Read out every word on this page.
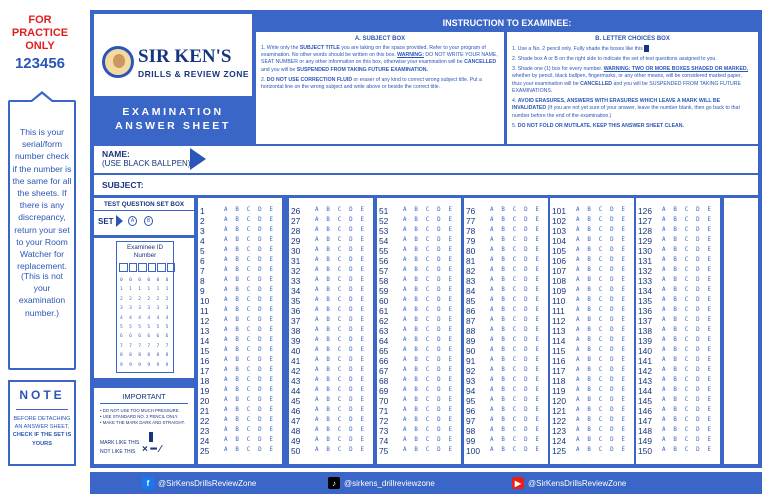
FOR PRACTICE
ONLY
123456
This is your serial/form number check if the number is the same for all the sheets. If there is any discrepancy, return your set to your Room Watcher for replacement.
(This is not your examination number.)
NOTE
BEFORE DETACHING AN ANSWER SHEET, CHECK IF THE SET IS YOURS
SIR KEN'S
DRILLS & REVIEW ZONE
EXAMINATION
ANSWER SHEET
INSTRUCTION TO EXAMINEE:
A. SUBJECT BOX

1. Write only the SUBJECT TITLE you are taking on the space provided. Refer to your program of examination. No other words should be written on this box. WARNING: DO NOT WRITE YOUR NAME, SEAT NUMBER or any other information on this box, otherwise your examination will be CANCELLED and you will be SUSPENDED FROM TAKING FUTURE EXAMINATION.

2. DO NOT USE CORRECTION FLUID or eraser of any kind to correct wrong subject title. Put a horizontal line on the wrong subject and write above or beside the correct title.

B. LETTER CHOICES BOX

1. Use a No. 2 pencil only. Fully shade the boxes like this

2. Shade box A or B on the right side to indicate the set of test questions assigned to you.

3. Shade one (1) box for every number. WARNING: TWO OR MORE BOXES SHADED OR MARKED, whether by pencil, black ballpen, fingermarks, or any other means, will be considered marked paper, thus your examination will be CANCELLED and you will be SUSPENDED FROM TAKING FUTURE EXAMINATIONS.

4. AVOID ERASURES, ANSWERS WITH ERASURES WHICH LEAVE A MARK WILL BE INVALIDATED (If you are not yet sure of your answer, leave the number blank, then go back to that number before the end of the examination.)

5. DO NOT FOLD OR MUTILATE. KEEP THIS ANSWER SHEET CLEAN.

NAME:
(USE BLACK BALLPEN)
SUBJECT:
TEST QUESTION SET BOX
SET	A	B
Examinee ID Number
0 0 0 0 0 0
1 1 1 1 1 1
2 2 2 2 2 2
3 3 3 3 3 3
4 4 4 4 4 4
5 5 5 5 5 5
6 6 6 6 6 6
7 7 7 7 7 7
8 8 8 8 8 8
9 9 9 9 9 9
IMPORTANT
• DO NOT USE TOO MUCH PRESSURE.
• USE STANDARD NO. 2 PENCIL ONLY.
• MAKE THE MARK DARK AND STRAIGHT.
MARK LIKE THIS
NOT LIKE THIS × ━ ⁄
1	A B C D E
2	A B C D E
3	A B C D E
4	A B C D E
5	A B C D E
6	A B C D E
7	A B C D E
8	A B C D E
9	A B C D E
10	A B C D E
11	A B C D E
12	A B C D E
13	A B C D E
14	A B C D E
15	A B C D E
16	A B C D E
17	A B C D E
18	A B C D E
19	A B C D E
20	A B C D E
21	A B C D E
22	A B C D E
23	A B C D E
24	A B C D E
25	A B C D E
26	A B C D E
27	A B C D E
28	A B C D E
29	A B C D E
30	A B C D E
31	A B C D E
32	A B C D E
33	A B C D E
34	A B C D E
35	A B C D E
36	A B C D E
37	A B C D E
38	A B C D E
39	A B C D E
40	A B C D E
41	A B C D E
42	A B C D E
43	A B C D E
44	A B C D E
45	A B C D E
46	A B C D E
47	A B C D E
48	A B C D E
49	A B C D E
50	A B C D E
51	A B C D E
52	A B C D E
53	A B C D E
54	A B C D E
55	A B C D E
56	A B C D E
57	A B C D E
58	A B C D E
59	A B C D E
60	A B C D E
61	A B C D E
62	A B C D E
63	A B C D E
64	A B C D E
65	A B C D E
66	A B C D E
67	A B C D E
68	A B C D E
69	A B C D E
70	A B C D E
71	A B C D E
72	A B C D E
73	A B C D E
74	A B C D E
75	A B C D E
76	A B C D E
77	A B C D E
78	A B C D E
79	A B C D E
80	A B C D E
81	A B C D E
82	A B C D E
83	A B C D E
84	A B C D E
85	A B C D E
86	A B C D E
87	A B C D E
88	A B C D E
89	A B C D E
90	A B C D E
91	A B C D E
92	A B C D E
93	A B C D E
94	A B C D E
95	A B C D E
96	A B C D E
97	A B C D E
98	A B C D E
99	A B C D E
100	A B C D E
101	A B C D E
102	A B C D E
103	A B C D E
104	A B C D E
105	A B C D E
106	A B C D E
107	A B C D E
108	A B C D E
109	A B C D E
110	A B C D E
111	A B C D E
112	A B C D E
113	A B C D E
114	A B C D E
115	A B C D E
116	A B C D E
117	A B C D E
118	A B C D E
119	A B C D E
120	A B C D E
121	A B C D E
122	A B C D E
123	A B C D E
124	A B C D E
125	A B C D E
126	A B C D E
127	A B C D E
128	A B C D E
129	A B C D E
130	A B C D E
131	A B C D E
132	A B C D E
133	A B C D E
134	A B C D E
135	A B C D E
136	A B C D E
137	A B C D E
138	A B C D E
139	A B C D E
140	A B C D E
141	A B C D E
142	A B C D E
143	A B C D E
144	A B C D E
145	A B C D E
146	A B C D E
147	A B C D E
148	A B C D E
149	A B C D E
150	A B C D E
f	@SirKensDrillsReviewZone	♪	@sirkens_drillreviewzone	▶ @SirKensDrillsReviewZone
